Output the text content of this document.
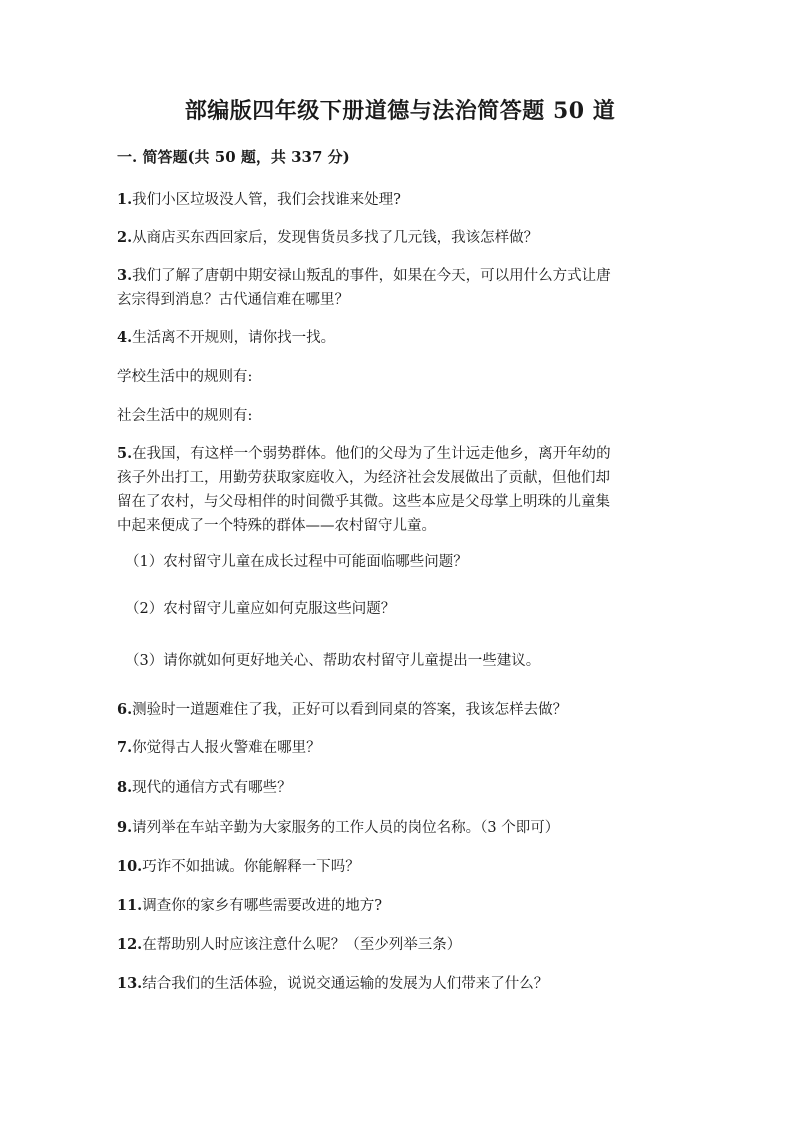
部编版四年级下册道德与法治简答题 50 道
一. 简答题(共 50 题，共 337 分)
1.我们小区垃圾没人管，我们会找谁来处理?
2.从商店买东西回家后，发现售货员多找了几元钱，我该怎样做？
3.我们了解了唐朝中期安禄山叛乱的事件，如果在今天，可以用什么方式让唐
玄宗得到消息？古代通信难在哪里？
4.生活离不开规则，请你找一找。
学校生活中的规则有:
社会生活中的规则有:
5.在我国，有这样一个弱势群体。他们的父母为了生计远走他乡，离开年幼的
孩子外出打工，用勤劳获取家庭收入，为经济社会发展做出了贡献，但他们却
留在了农村，与父母相伴的时间微乎其微。这些本应是父母掌上明珠的儿童集
中起来便成了一个特殊的群体——农村留守儿童。
（1）农村留守儿童在成长过程中可能面临哪些问题？
（2）农村留守儿童应如何克服这些问题？
（3）请你就如何更好地关心、帮助农村留守儿童提出一些建议。
6.测验时一道题难住了我，正好可以看到同桌的答案，我该怎样去做？
7.你觉得古人报火警难在哪里？
8.现代的通信方式有哪些？
9.请列举在车站辛勤为大家服务的工作人员的岗位名称。（3 个即可）
10.巧诈不如拙诚。你能解释一下吗？
11.调查你的家乡有哪些需要改进的地方?
12.在帮助别人时应该注意什么呢？（至少列举三条）
13.结合我们的生活体验，说说交通运输的发展为人们带来了什么？
